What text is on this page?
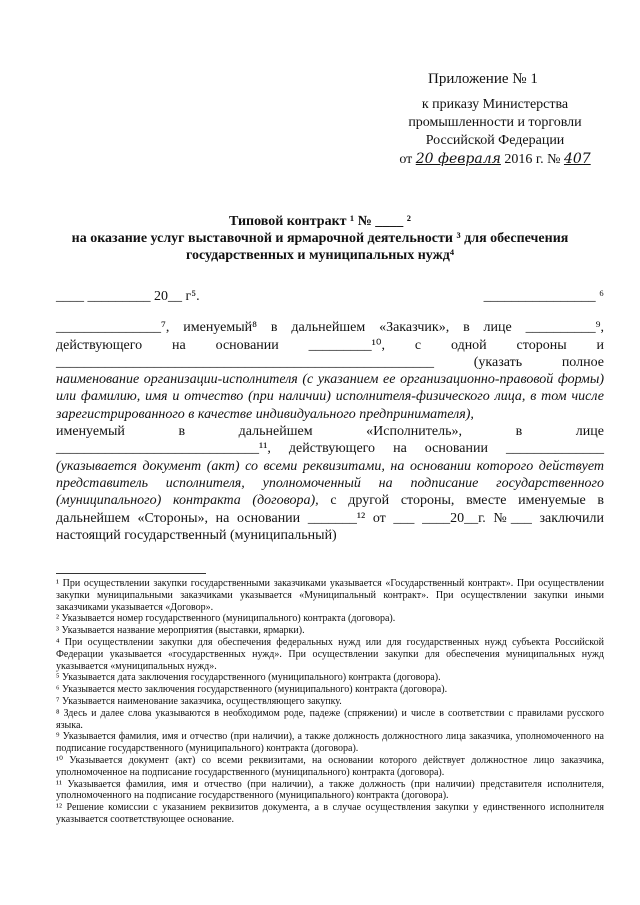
Приложение № 1
к приказу Министерства
промышленности и торговли
Российской Федерации
от 20 февраля 2016 г. № 407
Типовой контракт ¹ № ____ ²
на оказание услуг выставочной и ярмарочной деятельности ³ для обеспечения
государственных и муниципальных нужд⁴
____ _________ 20__ г⁵.	________________ ⁶

_______________⁷, именуемый⁸ в дальнейшем «Заказчик», в лице __________⁹, действующего на основании _________¹⁰, с одной стороны и ______________________________________________________ (указать полное наименование организации-исполнителя (с указанием ее организационно-правовой формы) или фамилию, имя и отчество (при наличии) исполнителя-физического лица, в том числе зарегистрированного в качестве индивидуального предпринимателя),

именуемый	в	дальнейшем	«Исполнитель»,	в	лице

_____________________________¹¹, действующего на основании ______________ (указывается документ (акт) со всеми реквизитами, на основании которого действует представитель исполнителя, уполномоченный на подписание государственного (муниципального) контракта (договора), с другой стороны, вместе именуемые в дальнейшем «Стороны», на основании _______¹² от ___ ____20__г. №___ заключили настоящий государственный (муниципальный)

¹ При осуществлении закупки государственными заказчиками указывается «Государственный контракт». При осуществлении закупки муниципальными заказчиками указывается «Муниципальный контракт». При осуществлении закупки иными заказчиками указывается «Договор».

² Указывается номер государственного (муниципального) контракта (договора).

³ Указывается название мероприятия (выставки, ярмарки).

⁴ При осуществлении закупки для обеспечения федеральных нужд или для государственных нужд субъекта Российской Федерации указывается «государственных нужд». При осуществлении закупки для обеспечения муниципальных нужд указывается «муниципальных нужд».

⁵ Указывается дата заключения государственного (муниципального) контракта (договора).

⁶ Указывается место заключения государственного (муниципального) контракта (договора).

⁷ Указывается наименование заказчика, осуществляющего закупку.

⁸ Здесь и далее слова указываются в необходимом роде, падеже (спряжении) и числе в соответствии с правилами русского языка.

⁹ Указывается фамилия, имя и отчество (при наличии), а также должность должностного лица заказчика, уполномоченного на подписание государственного (муниципального) контракта (договора).

¹⁰ Указывается документ (акт) со всеми реквизитами, на основании которого действует должностное лицо заказчика, уполномоченное на подписание государственного (муниципального) контракта (договора).

¹¹ Указывается фамилия, имя и отчество (при наличии), а также должность (при наличии) представителя исполнителя, уполномоченного на подписание государственного (муниципального) контракта (договора).

¹² Решение комиссии с указанием реквизитов документа, а в случае осуществления закупки у единственного исполнителя указывается соответствующее основание.
